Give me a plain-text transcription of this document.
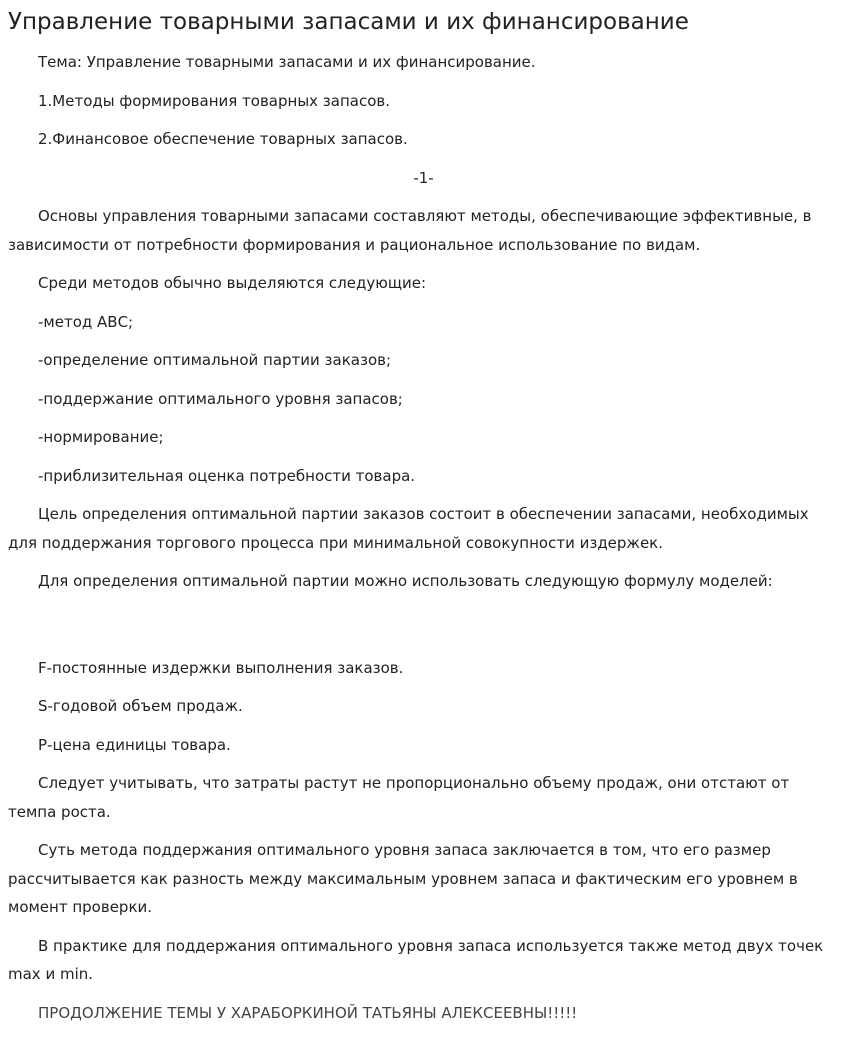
Управление товарными запасами и их финансирование
Тема: Управление товарными запасами и их финансирование.
1.Методы формирования товарных запасов.
2.Финансовое обеспечение товарных запасов.
-1-
Основы управления товарными запасами составляют методы, обеспечивающие эффективные, в зависимости от потребности формирования и рациональное использование по видам.
Среди методов обычно выделяются следующие:
-метод АВС;
-определение оптимальной партии заказов;
-поддержание оптимального уровня запасов;
-нормирование;
-приблизительная оценка потребности товара.
Цель определения оптимальной партии заказов состоит в обеспечении запасами, необходимых для поддержания торгового процесса при минимальной совокупности издержек.
Для определения оптимальной партии можно использовать следующую формулу моделей:
F-постоянные издержки выполнения заказов.
S-годовой объем продаж.
Р-цена единицы товара.
Следует учитывать, что затраты растут не пропорционально объему продаж, они отстают от темпа роста.
Суть метода поддержания оптимального уровня запаса заключается в том, что его размер рассчитывается как разность между максимальным уровнем запаса и фактическим его уровнем в момент проверки.
В практике для поддержания оптимального уровня запаса используется также метод двух точек max и min.
ПРОДОЛЖЕНИЕ ТЕМЫ У ХАРАБОРКИНОЙ ТАТЬЯНЫ АЛЕКСЕЕВНЫ!!!!!
